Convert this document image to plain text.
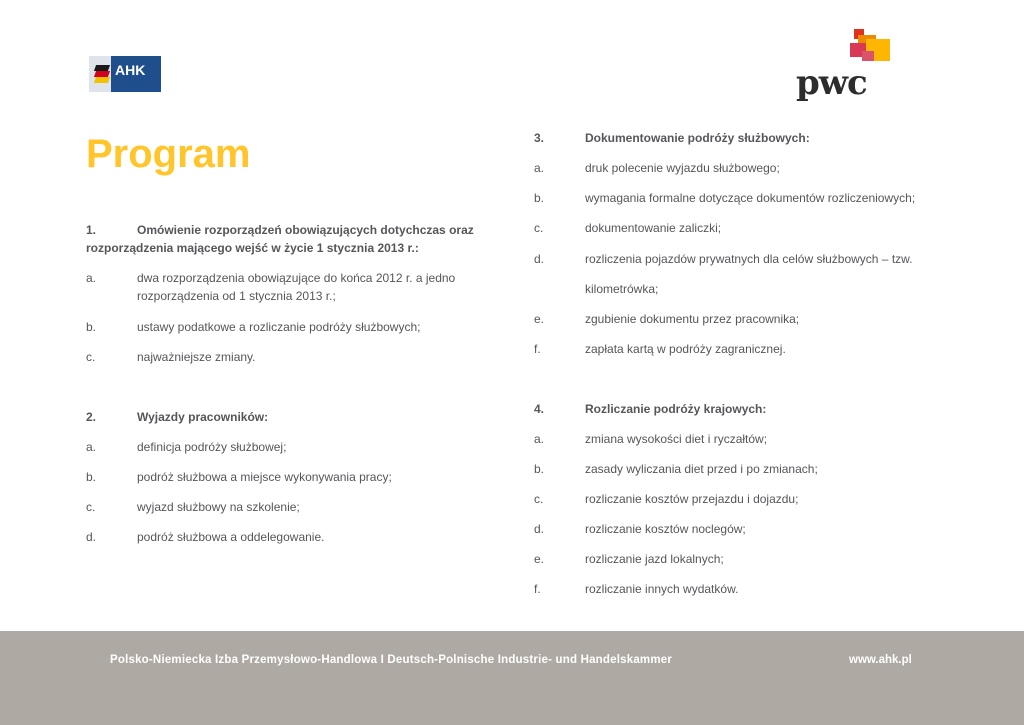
AHK	pwc
Program
1.	Omówienie rozporządzeń obowiązujących dotychczas oraz
rozporządzenia mającego wejść w życie 1 stycznia 2013 r.:
a.	dwa rozporządzenia obowiązujące do końca 2012 r. a jedno rozporządzenia od 1 stycznia 2013 r.;
b.	ustawy podatkowe a rozliczanie podróży służbowych;
c.	najważniejsze zmiany.
2.	Wyjazdy pracowników:
a.	definicja podróży służbowej;
b.	podróż służbowa a miejsce wykonywania pracy;
c.	wyjazd służbowy na szkolenie;
d.	podróż służbowa a oddelegowanie.
3.	Dokumentowanie podróży służbowych:
a.	druk polecenie wyjazdu służbowego;
b.	wymagania formalne dotyczące dokumentów rozliczeniowych;
c.	dokumentowanie zaliczki;
d.	rozliczenia pojazdów prywatnych dla celów służbowych – tzw.
kilometrówka;
e.	zgubienie dokumentu przez pracownika;
f.	zapłata kartą w podróży zagranicznej.
4.	Rozliczanie podróży krajowych:
a.	zmiana wysokości diet i ryczałtów;
b.	zasady wyliczania diet przed i po zmianach;
c.	rozliczanie kosztów przejazdu i dojazdu;
d.	rozliczanie kosztów noclegów;
e.	rozliczanie jazd lokalnych;
f.	rozliczanie innych wydatków.
Polsko-Niemiecka Izba Przemysłowo-Handlowa I Deutsch-Polnische Industrie- und Handelskammer	www.ahk.pl
